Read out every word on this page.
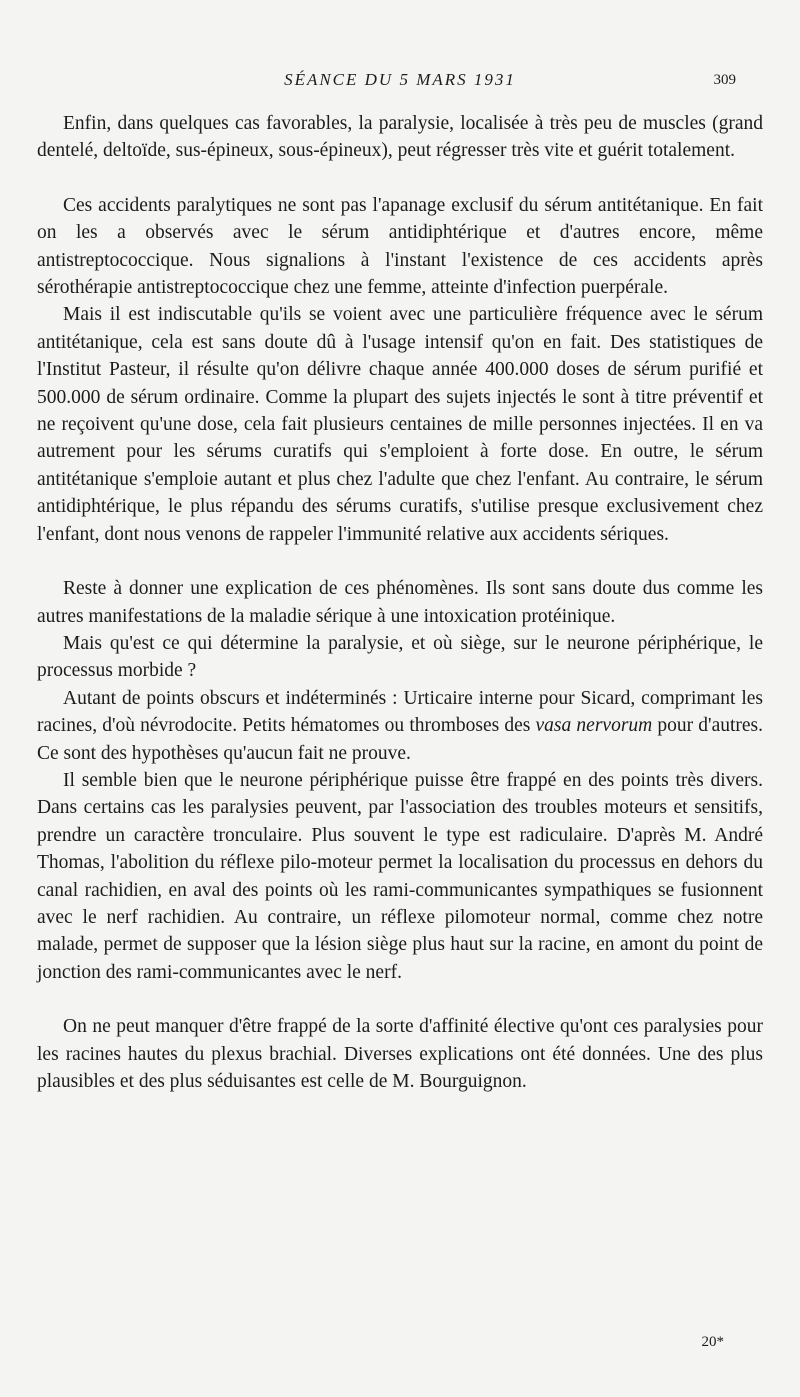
SÉANCE DU 5 MARS 1931	309

Enfin, dans quelques cas favorables, la paralysie, localisée à très peu de muscles (grand dentelé, deltoïde, sus-épineux, sous-épineux), peut régresser très vite et guérit totalement.

Ces accidents paralytiques ne sont pas l'apanage exclusif du sérum antitétanique. En fait on les a observés avec le sérum antidiphtérique et d'autres encore, même antistreptococcique. Nous signalions à l'instant l'existence de ces accidents après sérothérapie antistreptococcique chez une femme, atteinte d'infection puerpérale.

Mais il est indiscutable qu'ils se voient avec une particulière fréquence avec le sérum antitétanique, cela est sans doute dû à l'usage intensif qu'on en fait. Des statistiques de l'Institut Pasteur, il résulte qu'on délivre chaque année 400.000 doses de sérum purifié et 500.000 de sérum ordinaire. Comme la plupart des sujets injectés le sont à titre préventif et ne reçoivent qu'une dose, cela fait plusieurs centaines de mille personnes injectées. Il en va autrement pour les sérums curatifs qui s'emploient à forte dose. En outre, le sérum antitétanique s'emploie autant et plus chez l'adulte que chez l'enfant. Au contraire, le sérum antidiphtérique, le plus répandu des sérums curatifs, s'utilise presque exclusivement chez l'enfant, dont nous venons de rappeler l'immunité relative aux accidents sériques.

Reste à donner une explication de ces phénomènes. Ils sont sans doute dus comme les autres manifestations de la maladie sérique à une intoxication protéinique.

Mais qu'est ce qui détermine la paralysie, et où siège, sur le neurone périphérique, le processus morbide ?

Autant de points obscurs et indéterminés : Urticaire interne pour Sicard, comprimant les racines, d'où névrodocite. Petits hématomes ou thromboses des vasa nervorum pour d'autres. Ce sont des hypothèses qu'aucun fait ne prouve.

Il semble bien que le neurone périphérique puisse être frappé en des points très divers. Dans certains cas les paralysies peuvent, par l'association des troubles moteurs et sensitifs, prendre un caractère tronculaire. Plus souvent le type est radiculaire. D'après M. André Thomas, l'abolition du réflexe pilo-moteur permet la localisation du processus en dehors du canal rachidien, en aval des points où les rami-communicantes sympathiques se fusionnent avec le nerf rachidien. Au contraire, un réflexe pilomoteur normal, comme chez notre malade, permet de supposer que la lésion siège plus haut sur la racine, en amont du point de jonction des rami-communicantes avec le nerf.

On ne peut manquer d'être frappé de la sorte d'affinité élective qu'ont ces paralysies pour les racines hautes du plexus brachial. Diverses explications ont été données. Une des plus plausibles et des plus séduisantes est celle de M. Bourguignon.

20*
